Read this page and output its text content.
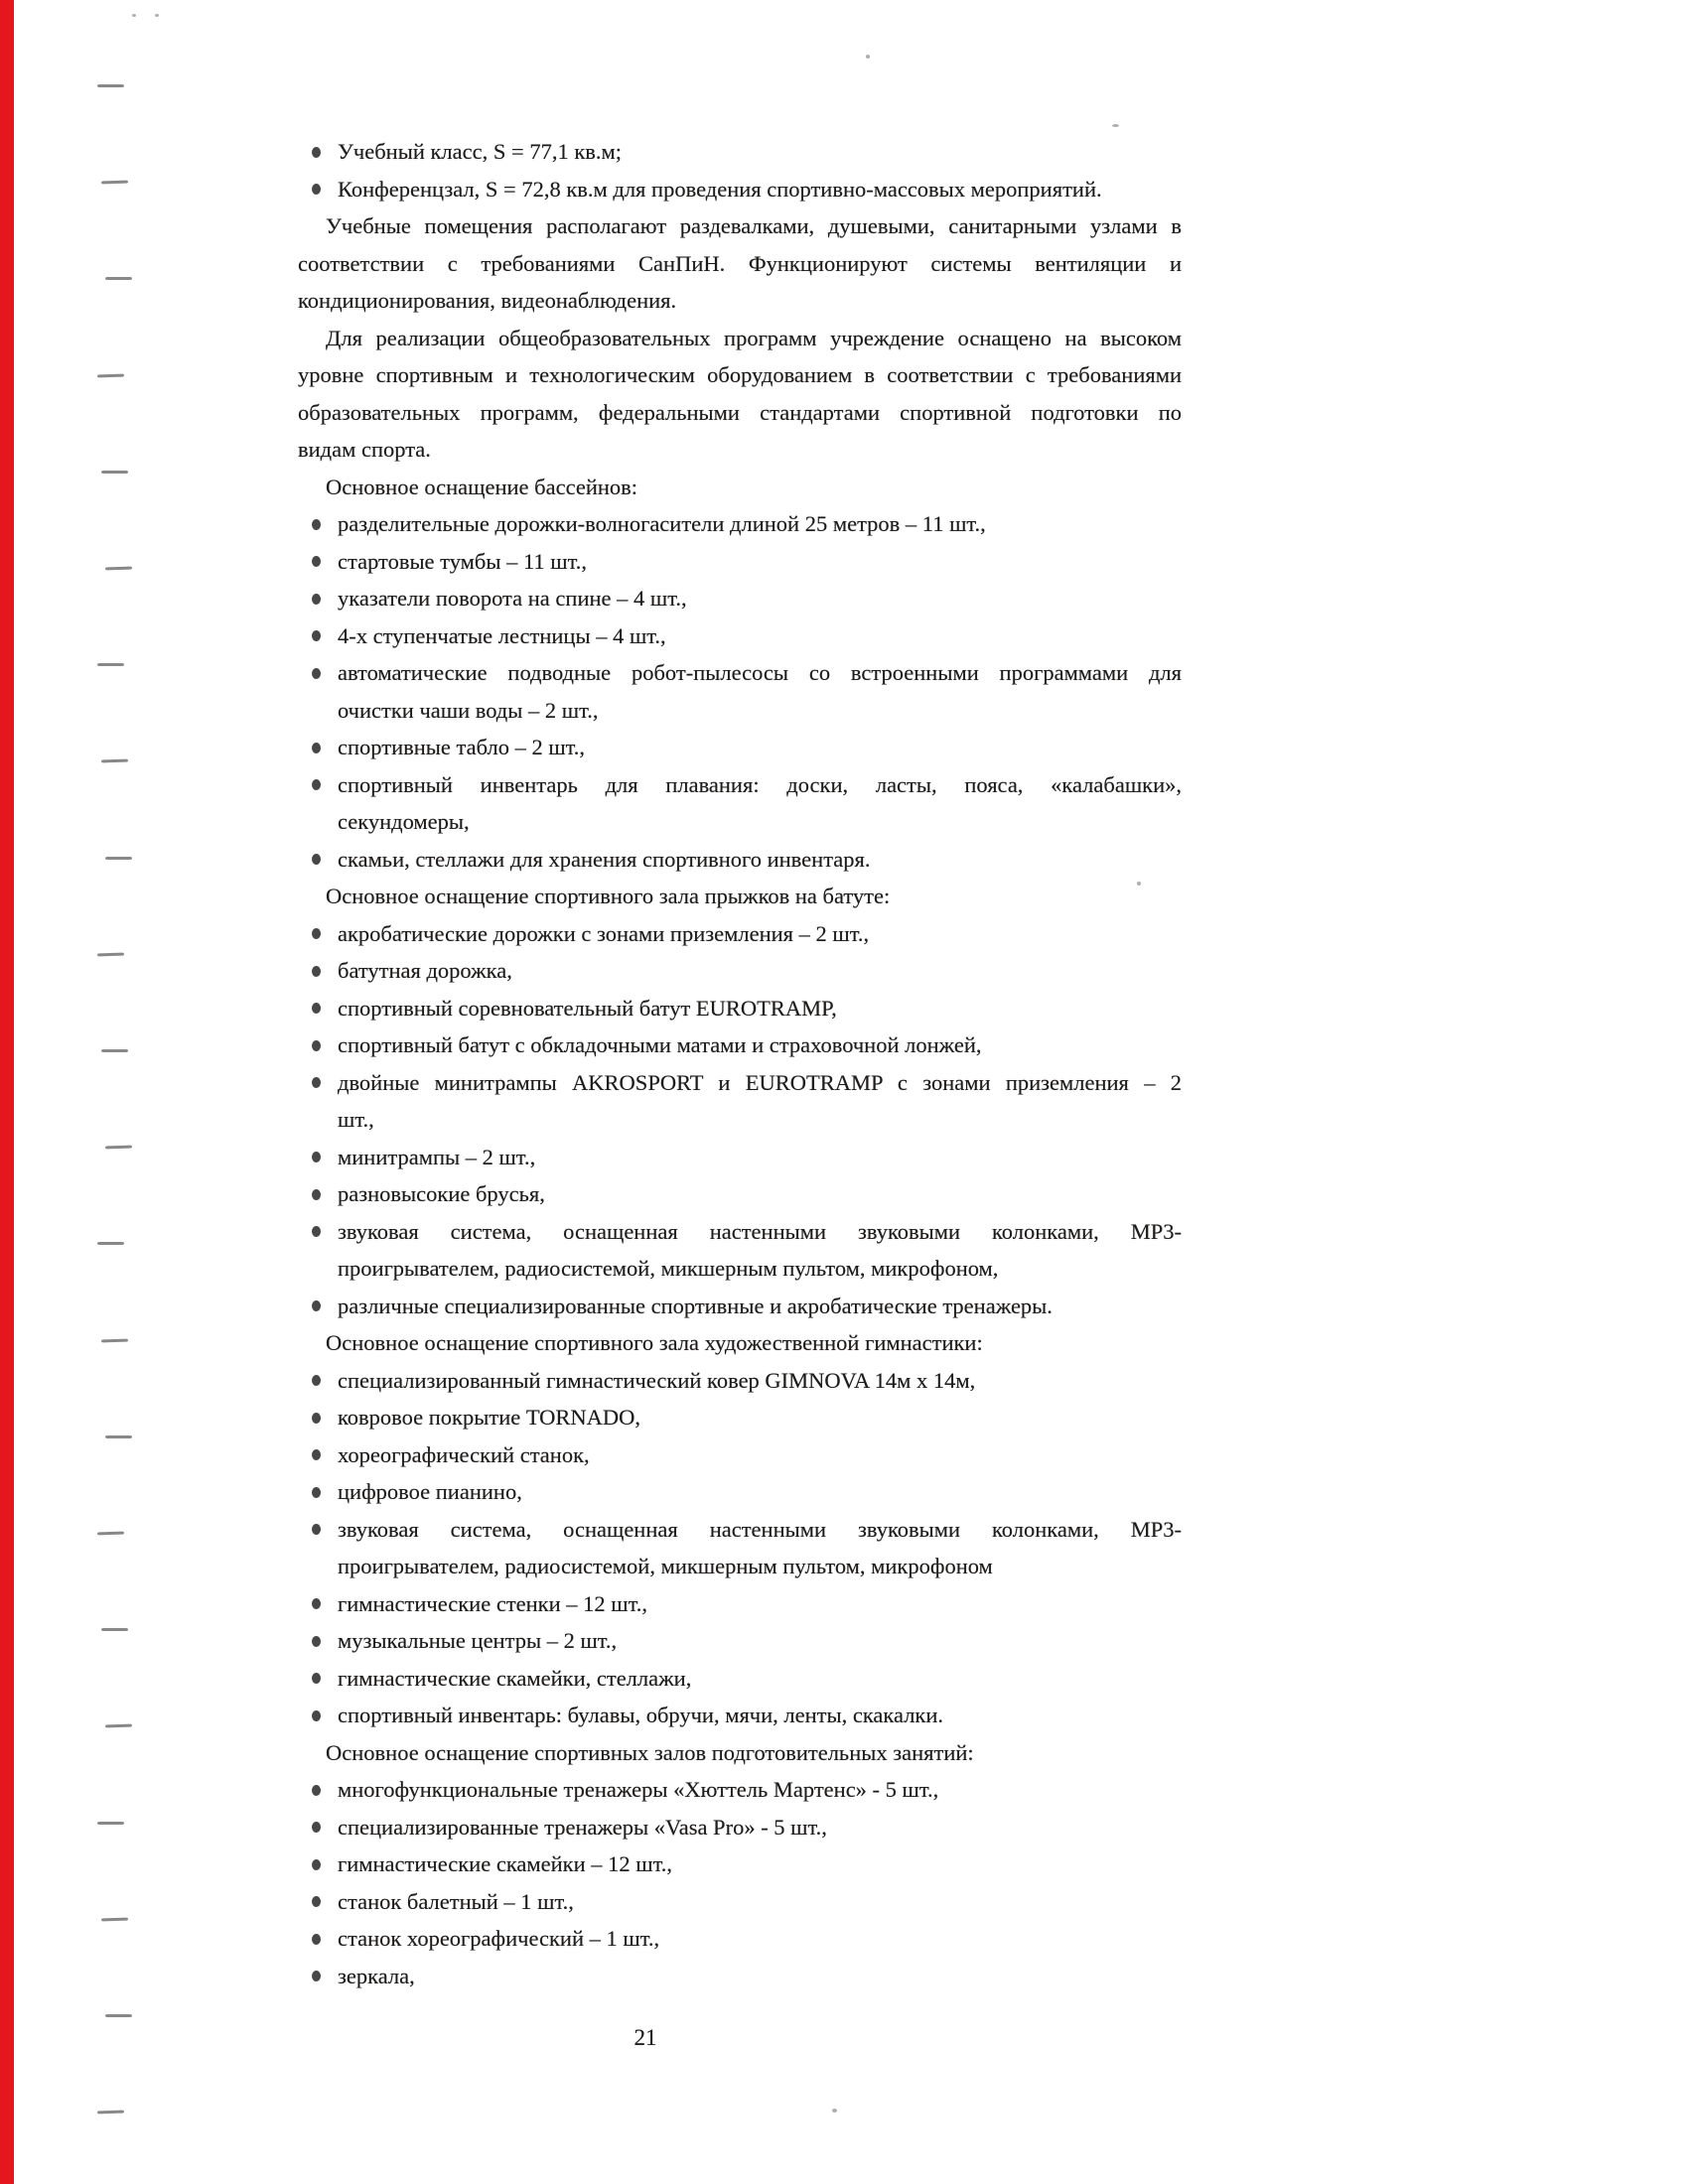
Учебный класс, S = 77,1 кв.м;
Конференцзал, S = 72,8 кв.м для проведения спортивно-массовых мероприятий.
Учебные помещения располагают раздевалками, душевыми, санитарными узлами в
соответствии с требованиями СанПиН. Функционируют системы вентиляции и
кондиционирования, видеонаблюдения.
Для реализации общеобразовательных программ учреждение оснащено на высоком
уровне спортивным и технологическим оборудованием в соответствии с требованиями
образовательных программ, федеральными стандартами спортивной подготовки по
видам спорта.
Основное оснащение бассейнов:
разделительные дорожки-волногасители длиной 25 метров – 11 шт.,
стартовые тумбы – 11 шт.,
указатели поворота на спине – 4 шт.,
4-х ступенчатые лестницы – 4 шт.,
автоматические подводные робот-пылесосы со встроенными программами для
очистки чаши воды – 2 шт.,
спортивные табло – 2 шт.,
спортивный инвентарь для плавания: доски, ласты, пояса, «калабашки»,
секундомеры,
скамьи, стеллажи для хранения спортивного инвентаря.
Основное оснащение спортивного зала прыжков на батуте:
акробатические дорожки с зонами приземления – 2 шт.,
батутная дорожка,
спортивный соревновательный батут EUROTRAMP,
спортивный батут с обкладочными матами и страховочной лонжей,
двойные минитрампы AKROSPORT и EUROTRAMP с зонами приземления – 2
шт.,
минитрампы – 2 шт.,
разновысокие брусья,
звуковая система, оснащенная настенными звуковыми колонками, MP3-
проигрывателем, радиосистемой, микшерным пультом, микрофоном,
различные специализированные спортивные и акробатические тренажеры.
Основное оснащение спортивного зала художественной гимнастики:
специализированный гимнастический ковер GIMNOVA 14м х 14м,
ковровое покрытие TORNADO,
хореографический станок,
цифровое пианино,
звуковая система, оснащенная настенными звуковыми колонками, MP3-
проигрывателем, радиосистемой, микшерным пультом, микрофоном
гимнастические стенки – 12 шт.,
музыкальные центры – 2 шт.,
гимнастические скамейки, стеллажи,
спортивный инвентарь: булавы, обручи, мячи, ленты, скакалки.
Основное оснащение спортивных залов подготовительных занятий:
многофункциональные тренажеры «Хюттель Мартенс» - 5 шт.,
специализированные тренажеры «Vasa Pro» - 5 шт.,
гимнастические скамейки – 12 шт.,
станок балетный – 1 шт.,
станок хореографический – 1 шт.,
зеркала,
21
